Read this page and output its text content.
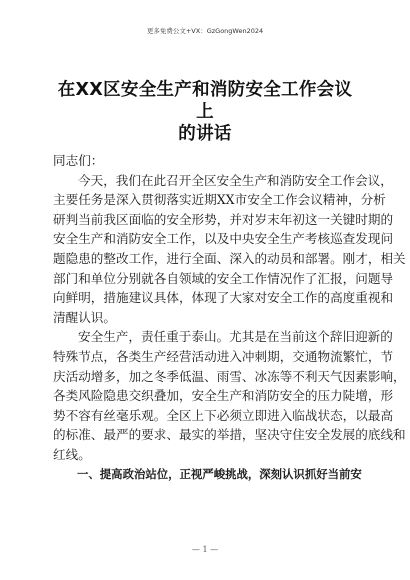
更多免费公文+VX：GzGongWen2024
在XX区安全生产和消防安全工作会议上
的讲话

同志们：

今天，我们在此召开全区安全生产和消防安全工作会议，
主要任务是深入贯彻落实近期XX市安全工作会议精神，分析
研判当前我区面临的安全形势，并对岁末年初这一关键时期的
安全生产和消防安全工作，以及中央安全生产考核巡查发现问
题隐患的整改工作，进行全面、深入的动员和部署。刚才，相关
部门和单位分别就各自领域的安全工作情况作了汇报，问题导
向鲜明，措施建议具体，体现了大家对安全工作的高度重视和
清醒认识。

安全生产，责任重于泰山。尤其是在当前这个辞旧迎新的
特殊节点，各类生产经营活动进入冲刺期，交通物流繁忙，节
庆活动增多，加之冬季低温、雨雪、冰冻等不利天气因素影响，
各类风险隐患交织叠加，安全生产和消防安全的压力陡增，形
势不容有丝毫乐观。全区上下必须立即进入临战状态，以最高
的标准、最严的要求、最实的举措，坚决守住安全发展的底线和
红线。

一、提高政治站位，正视严峻挑战，深刻认识抓好当前安

— 1 —
